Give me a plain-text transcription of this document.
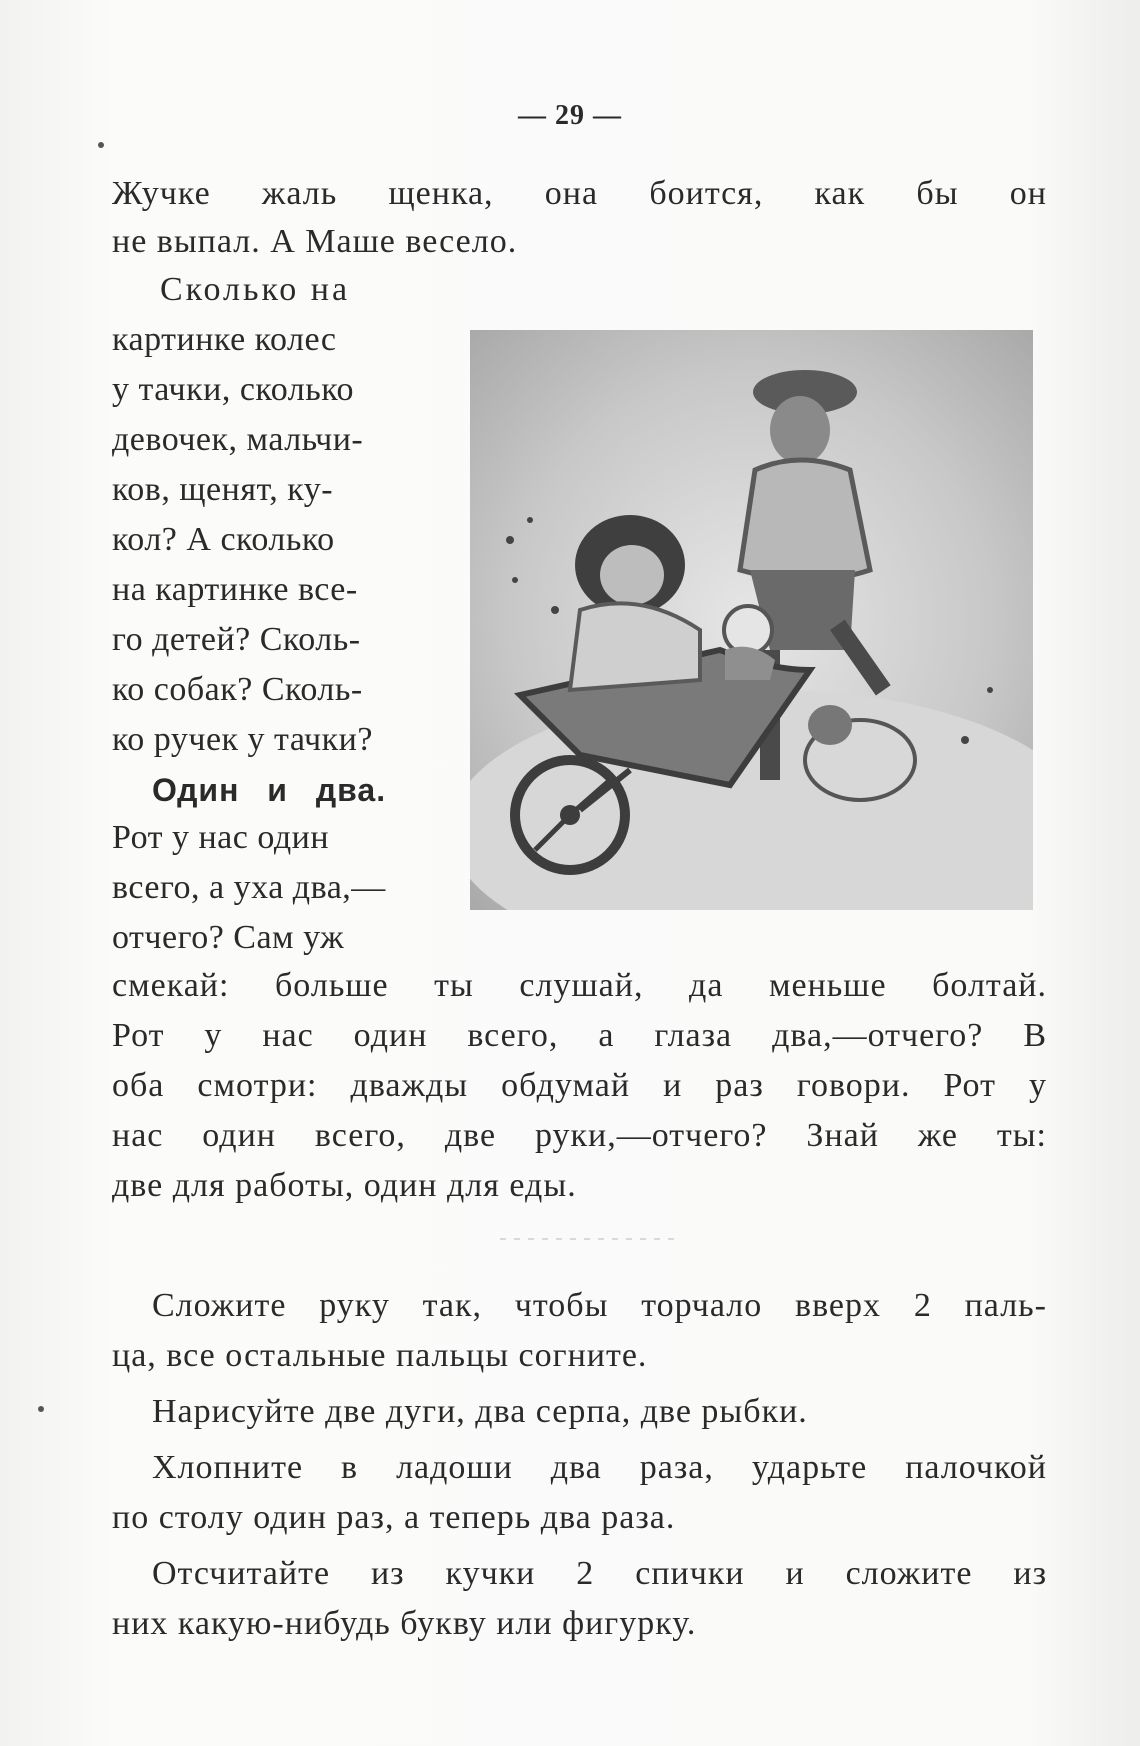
— 29 —
Жучке жаль щенка, она боится, как бы он
не выпал. А Маше весело.
Сколько на
картинке колес
у тачки, сколько
девочек, мальчи-
ков, щенят, ку-
кол? А сколько
на картинке все-
го детей? Сколь-
ко собак? Сколь-
ко ручек у тачки?
Один и два.
Рот у нас один
всего, а уха два,—
отчего? Сам уж
смекай: больше ты слушай, да меньше болтай.
Рот у нас один всего, а глаза два,—отчего? В
оба смотри: дважды обдумай и раз говори. Рот у
нас один всего, две руки,—отчего? Знай же ты:
две для работы, один для еды.
Сложите руку так, чтобы торчало вверх 2 паль-
ца, все остальные пальцы согните.
Нарисуйте две дуги, два серпа, две рыбки.
Хлопните в ладоши два раза, ударьте палочкой
по столу один раз, а теперь два раза.
Отсчитайте из кучки 2 спички и сложите из
них какую-нибудь букву или фигурку.
